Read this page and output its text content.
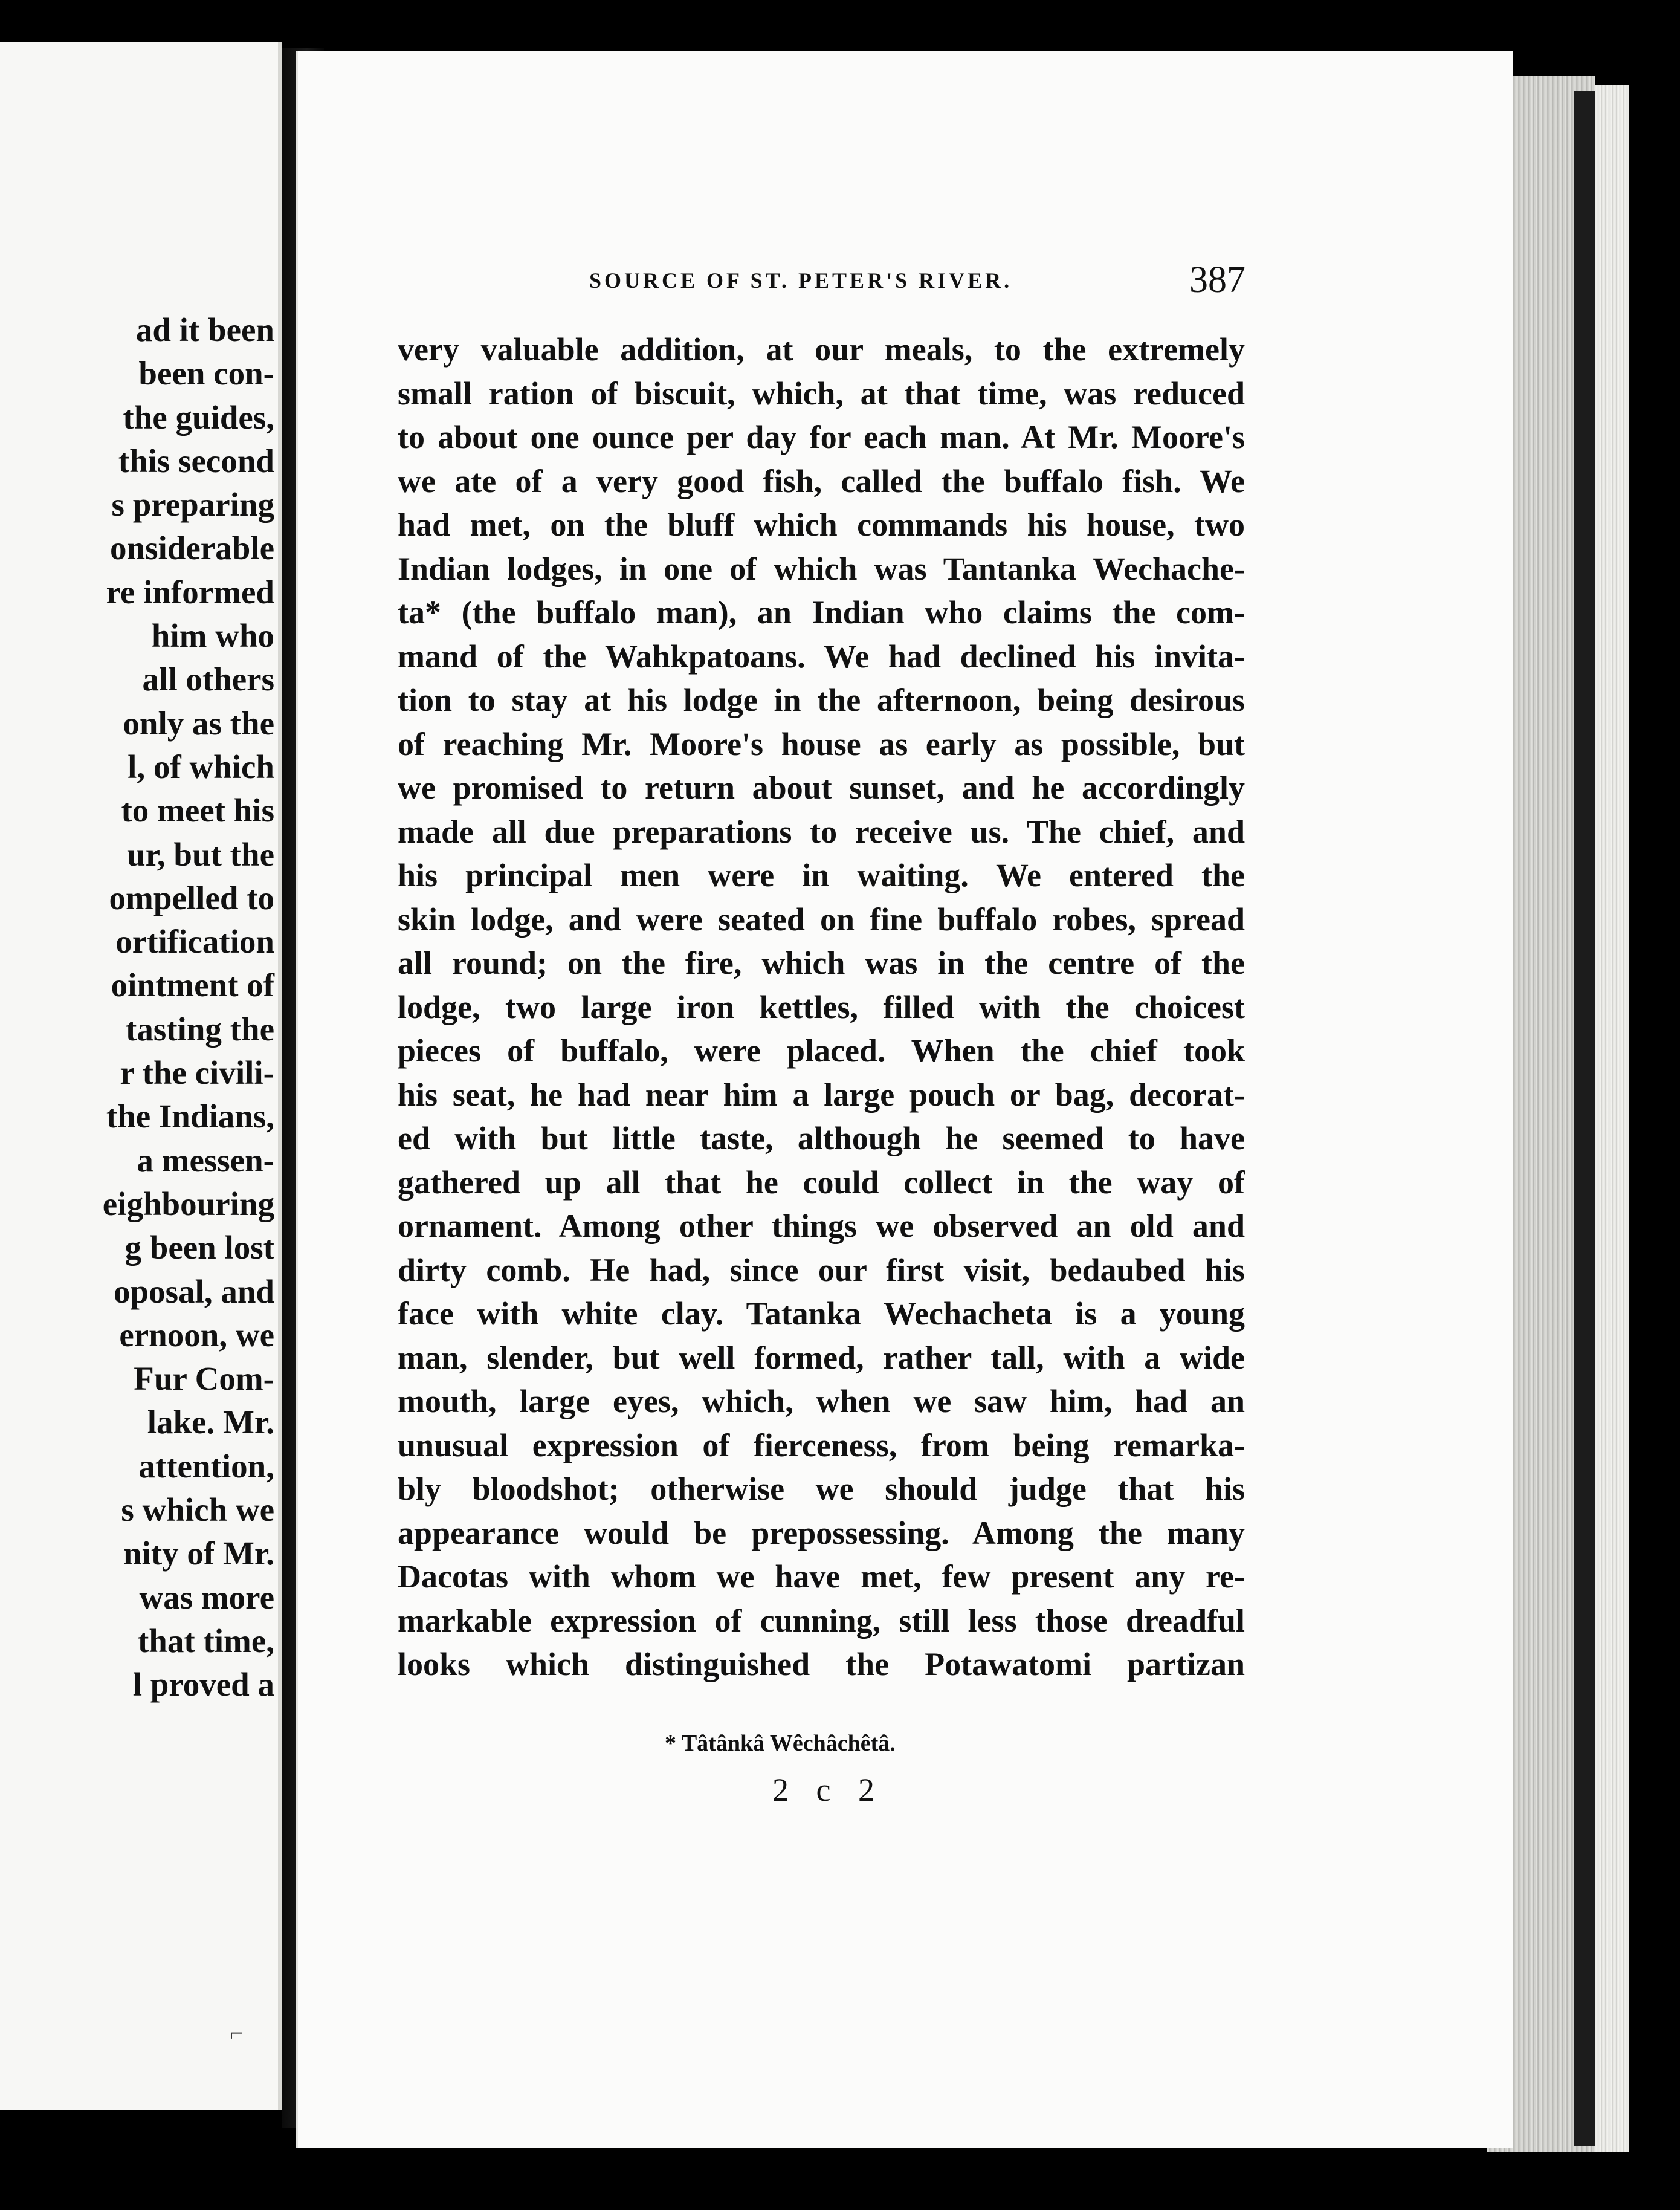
ad it been
been con-
the guides,
this second
s preparing
onsiderable
re informed
him who
all others
only as the
l, of which
to meet his
ur, but the
ompelled to
ortification
ointment of
tasting the
r the civili-
the Indians,
a messen-
eighbouring
g been lost
oposal, and
ernoon, we
Fur Com-
lake. Mr.
attention,
s which we
nity of Mr.
was more
that time,
l proved a
SOURCE OF ST. PETER'S RIVER.	387
very valuable addition, at our meals, to the extremely
small ration of biscuit, which, at that time, was reduced
to about one ounce per day for each man. At Mr. Moore's
we ate of a very good fish, called the buffalo fish. We
had met, on the bluff which commands his house, two
Indian lodges, in one of which was Tantanka Wechache-
ta* (the buffalo man), an Indian who claims the com-
mand of the Wahkpatoans. We had declined his invita-
tion to stay at his lodge in the afternoon, being desirous
of reaching Mr. Moore's house as early as possible, but
we promised to return about sunset, and he accordingly
made all due preparations to receive us. The chief, and
his principal men were in waiting. We entered the
skin lodge, and were seated on fine buffalo robes, spread
all round; on the fire, which was in the centre of the
lodge, two large iron kettles, filled with the choicest
pieces of buffalo, were placed. When the chief took
his seat, he had near him a large pouch or bag, decorat-
ed with but little taste, although he seemed to have
gathered up all that he could collect in the way of
ornament. Among other things we observed an old and
dirty comb. He had, since our first visit, bedaubed his
face with white clay. Tatanka Wechacheta is a young
man, slender, but well formed, rather tall, with a wide
mouth, large eyes, which, when we saw him, had an
unusual expression of fierceness, from being remarka-
bly bloodshot; otherwise we should judge that his
appearance would be prepossessing. Among the many
Dacotas with whom we have met, few present any re-
markable expression of cunning, still less those dreadful
looks which distinguished the Potawatomi partizan
* Tâtânkâ Wêchâchêtâ.
2 c 2
⌐
